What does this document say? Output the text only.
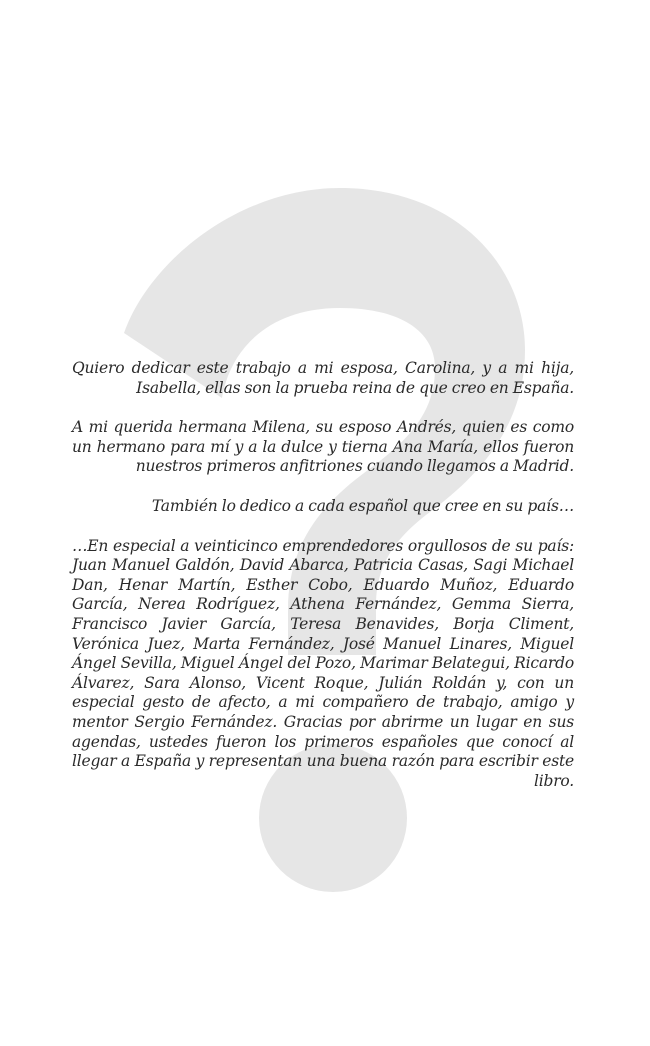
Quiero dedicar este trabajo a mi esposa, Carolina, y a mi hija, Isabella, ellas son la prueba reina de que creo en España.

A mi querida hermana Milena, su esposo Andrés, quien es como un hermano para mí y a la dulce y tierna Ana María, ellos fueron nuestros primeros anfitriones cuando llegamos a Madrid.

También lo dedico a cada español que cree en su país…

…En especial a veinticinco emprendedores orgullosos de su país: Juan Manuel Galdón, David Abarca, Patricia Casas, Sagi Michael Dan, Henar Martín, Esther Cobo, Eduardo Muñoz, Eduardo García, Nerea Rodríguez, Athena Fernández, Gemma Sierra, Francisco Javier García, Teresa Benavides, Borja Climent, Verónica Juez, Marta Fernández, José Manuel Linares, Miguel Ángel Sevilla, Miguel Ángel del Pozo, Marimar Belategui, Ricardo Álvarez, Sara Alonso, Vicent Roque, Julián Roldán y, con un especial gesto de afecto, a mi compañero de trabajo, amigo y mentor Sergio Fernández. Gracias por abrirme un lugar en sus agendas, ustedes fueron los primeros españoles que conocí al llegar a España y representan una buena razón para escribir este libro.
